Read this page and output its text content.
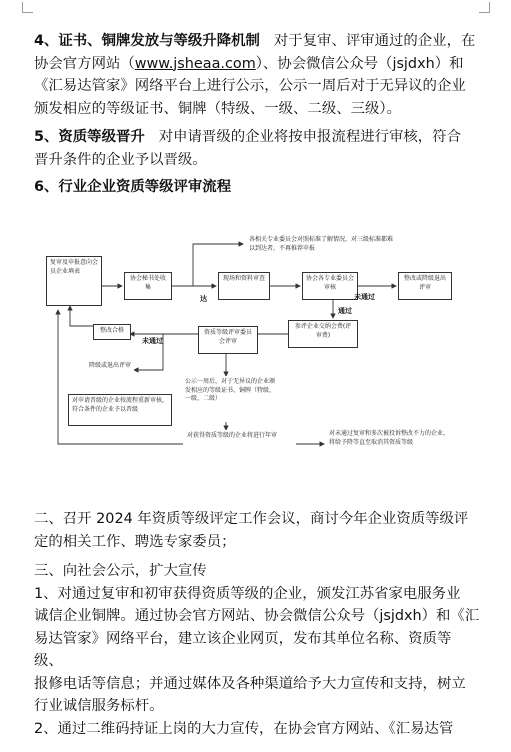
4、证书、铜牌发放与等级升降机制 对于复审、评审通过的企业，在
协会官方网站（www.jsheaa.com）、协会微信公众号（jsjdxh）和
《汇易达管家》网络平台上进行公示，公示一周后对于无异议的企业
颁发相应的等级证书、铜牌（特级、一级、二级、三级）。
5、资质等级晋升 对申请晋级的企业将按申报流程进行审核，符合
晋升条件的企业予以晋级。
6、行业企业资质等级评审流程
复审及申报意向会员企业填表
协会秘书处收集
达
现场和资料审查
各相关专业委员会对照标准了解情况，对三级标准都难以到达者，不再推荐申报
协会各专业委员会审核
未通过
整改或降级退出评审
通过
参评企业交纳会费(评审费)
资质等级评审委员会评审
未通过
整改合格
降级或退出评审
对申请晋级的企业按流程重新审核，符合条件的企业予以晋级
公示一周后，对于无异议的企业颁发相应的等级证书、铜牌（特级、一级、二级）
对获得资质等级的企业将进行年审	对未通过复审和多次被投诉整改不力的企业，将给予降等直至取消其资质等级
二、召开 2024 年资质等级评定工作会议，商讨今年企业资质等级评
定的相关工作、聘选专家委员；
三、向社会公示，扩大宣传
1、对通过复审和初审获得资质等级的企业，颁发江苏省家电服务业
诚信企业铜牌。通过协会官方网站、协会微信公众号（jsjdxh）和《汇
易达管家》网络平台，建立该企业网页，发布其单位名称、资质等级、
报修电话等信息；并通过媒体及各种渠道给予大力宣传和支持，树立
行业诚信服务标杆。
2、通过二维码持证上岗的大力宣传，在协会官方网站、《汇易达管
